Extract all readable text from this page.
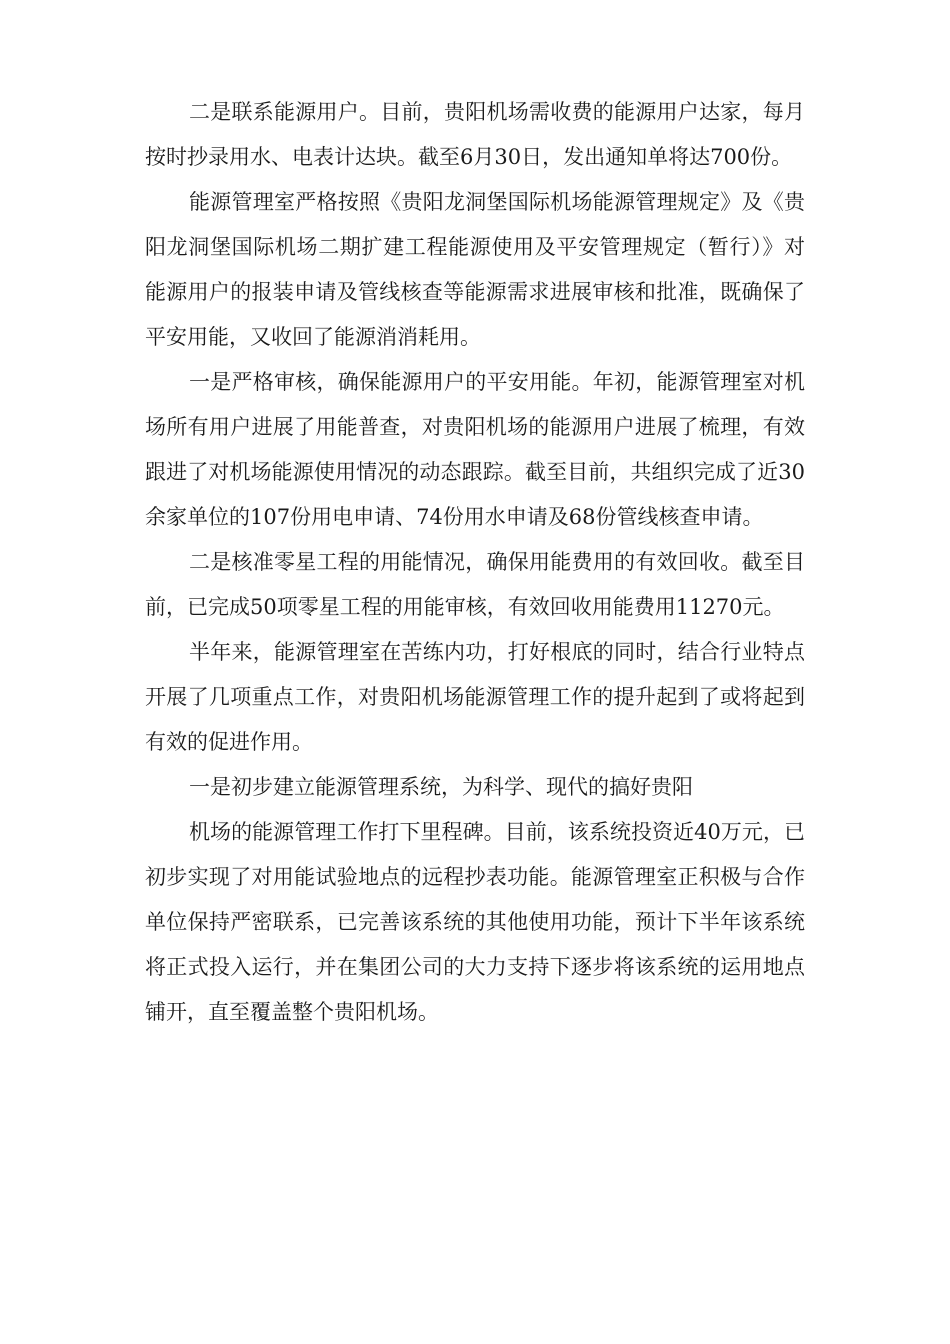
二是联系能源用户。目前，贵阳机场需收费的能源用户达家，每月按时抄录用水、电表计达块。截至6月30日，发出通知单将达700份。

能源管理室严格按照《贵阳龙洞堡国际机场能源管理规定》及《贵阳龙洞堡国际机场二期扩建工程能源使用及平安管理规定（暂行）》对能源用户的报装申请及管线核查等能源需求进展审核和批准，既确保了平安用能，又收回了能源消消耗用。

一是严格审核，确保能源用户的平安用能。年初，能源管理室对机场所有用户进展了用能普查，对贵阳机场的能源用户进展了梳理，有效跟进了对机场能源使用情况的动态跟踪。截至目前，共组织完成了近30余家单位的107份用电申请、74份用水申请及68份管线核查申请。

二是核准零星工程的用能情况，确保用能费用的有效回收。截至目前，已完成50项零星工程的用能审核，有效回收用能费用11270元。

半年来，能源管理室在苦练内功，打好根底的同时，结合行业特点开展了几项重点工作，对贵阳机场能源管理工作的提升起到了或将起到有效的促进作用。

一是初步建立能源管理系统，为科学、现代的搞好贵阳

机场的能源管理工作打下里程碑。目前，该系统投资近40万元，已初步实现了对用能试验地点的远程抄表功能。能源管理室正积极与合作单位保持严密联系，已完善该系统的其他使用功能，预计下半年该系统将正式投入运行，并在集团公司的大力支持下逐步将该系统的运用地点铺开，直至覆盖整个贵阳机场。
